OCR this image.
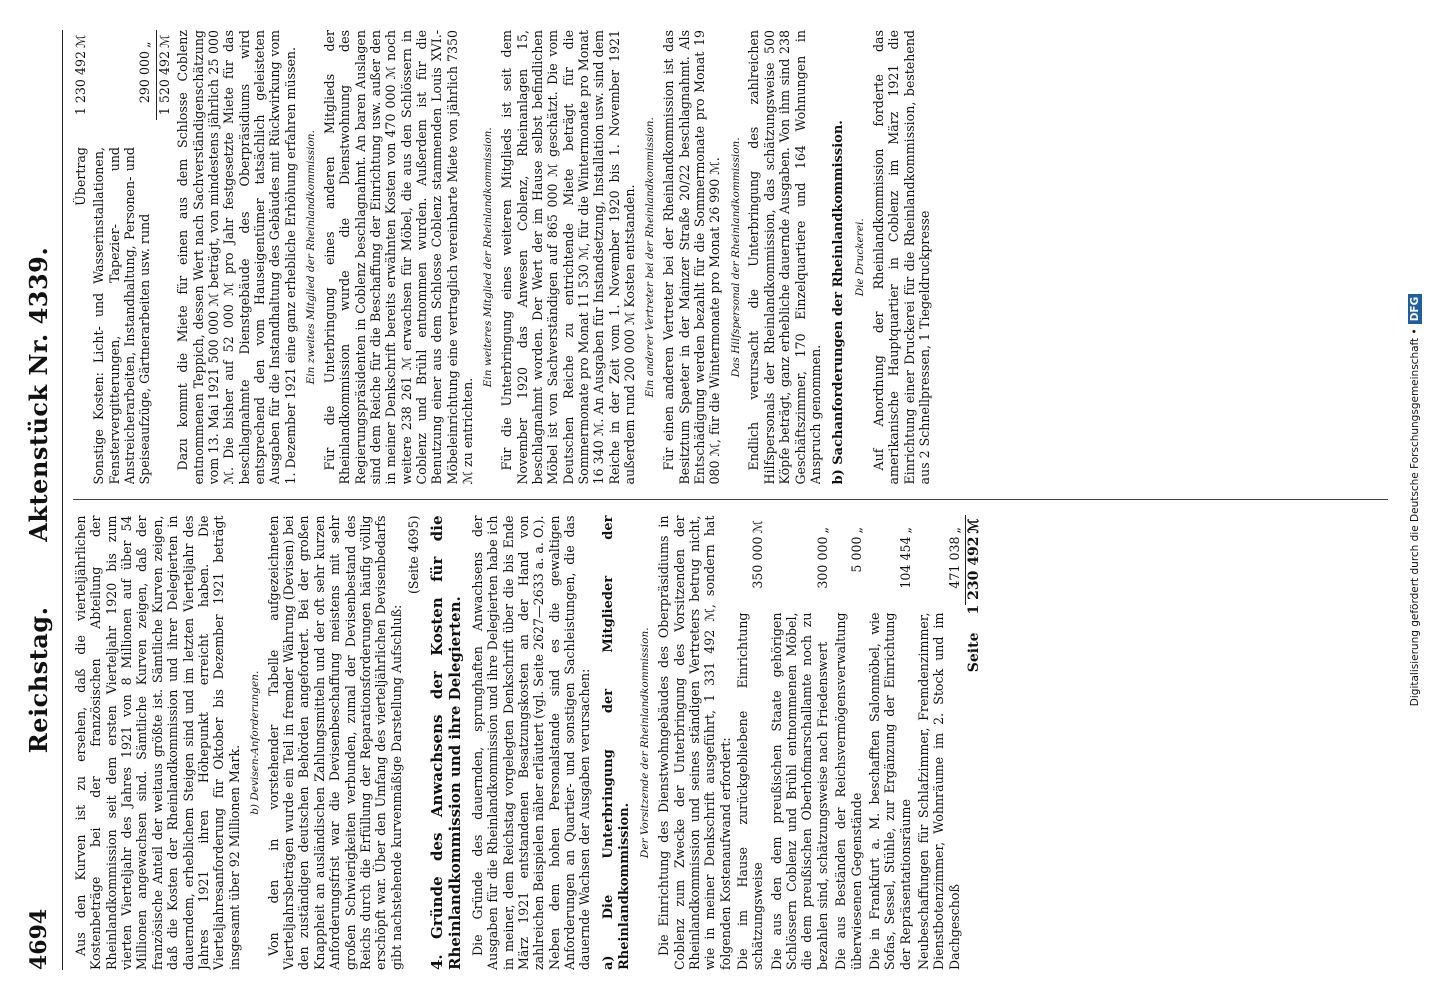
4694
Reichstag. Aktenstück Nr. 4339.

Aus den Kurven ist zu ersehen, daß die vierteljährlichen Kostenbeträge bei der französischen Abteilung der Rheinlandkommission seit dem ersten Vierteljahr 1920 bis zum vierten Vierteljahr des Jahres 1921 von 8 Millionen auf über 54 Millionen angewachsen sind. Sämtliche Kurven zeigen, daß der französische Anteil der weitaus größte ist. Sämtliche Kurven zeigen, daß die Kosten der Rheinlandkommission und ihrer Delegierten in dauerndem, erheblichem Steigen sind und im letzten Vierteljahr des Jahres 1921 ihren Höhepunkt erreicht haben. Die Vierteljahresanforderung für Oktober bis Dezember 1921 beträgt insgesamt über 92 Millionen Mark.

b) Devisen-Anforderungen. Von den in vorstehender Tabelle aufgezeichneten Vierteljahrsbeträgen wurde ein Teil in fremder Währung (Devisen) bei den zuständigen deutschen Behörden angefordert. Bei der großen Knappheit an ausländischen Zahlungsmitteln und der oft sehr kurzen Anforderungsfrist war die Devisenbeschaffung meistens mit sehr großen Schwierigkeiten verbunden, zumal der Devisenbestand des Reichs durch die Erfüllung der Reparationsforderungen häufig völlig erschöpft war. Über den Umfang des vierteljährlichen Devisenbedarfs gibt nachstehende kurvenmäßige Darstellung Aufschluß:

(Seite 4695) 4. Gründe des Anwachsens der Kosten für die Rheinlandkommission und ihre Delegierten. Die Gründe des dauernden, sprunghaften Anwachsens der Ausgaben für die Rheinlandkommission und ihre Delegierten habe ich in meiner, dem Reichstag vorgelegten Denkschrift über die bis Ende März 1921 entstandenen Besatzungskosten an der Hand von zahlreichen Beispielen näher erläutert (vgl. Seite 2627—2633 a. a. O.). Neben dem hohen Personalstande sind es die gewaltigen Anforderungen an Quartier- und sonstigen Sachleistungen, die das dauernde Wachsen der Ausgaben verursachen: a) Die Unterbringung der Mitglieder der Rheinlandkommission.

Der Vorsitzende der Rheinlandkommission. Die Einrichtung des Dienstwohngebäudes des Oberpräsidiums in Coblenz zum Zwecke der Unterbringung des Vorsitzenden der Rheinlandkommission und seines ständigen Vertreters betrug nicht, wie in meiner Denkschrift ausgeführt, 1 331 492 ℳ, sondern hat folgenden Kostenaufwand erfordert: Die im Hause zurückgebliebene Einrichtung schätzungsweise
350 000
ℳ
Die aus den dem preußischen Staate gehörigen Schlössern Coblenz und Brühl entnommenen Möbel, die dem preußischen Oberhofmarschallamte noch zu bezahlen sind, schätzungsweise nach Friedenswert
300 000
„
Die aus Beständen der Reichsvermögensverwaltung überwiesenen Gegenstände
5 000
„
Die in Frankfurt a. M. beschafften Salonmöbel, wie Sofas, Sessel, Stühle, zur Ergänzung der Einrichtung der Repräsentationsräume
104 454
„
Neubeschaffungen für Schlafzimmer, Fremdenzimmer, Dienstbotenzimmer, Wohnräume im 2. Stock und im Dachgeschoß
471 038
„
Seite
1 230 492
ℳ
Übertrag
1 230 492
ℳ
Sonstige Kosten: Licht- und Wasserinstallationen, Fenstervergitterungen, Tapezier- und Anstreicherarbeiten, Instandhaltung, Personen- und Speiseaufzüge, Gärtnerarbeiten usw. rund
290 000
„
1 520 492
ℳ Dazu kommt die Miete für einen aus dem Schlosse Coblenz entnommenen Teppich, dessen Wert nach Sachverständigenschätzung vom 13. Mai 1921 500 000 ℳ beträgt, von mindestens jährlich 25 000 ℳ. Die bisher auf 52 000 ℳ pro Jahr festgesetzte Miete für das beschlagnahmte Dienstgebäude des Oberpräsidiums wird entsprechend den vom Hauseigentümer tatsächlich geleisteten Ausgaben für die Instandhaltung des Gebäudes mit Rückwirkung vom 1. Dezember 1921 eine ganz erhebliche Erhöhung erfahren müssen. Ein zweites Mitglied der Rheinlandkommission. Für die Unterbringung eines anderen Mitglieds der Rheinlandkommission wurde die Dienstwohnung des Regierungspräsidenten in Coblenz beschlagnahmt. An baren Auslagen sind dem Reiche für die Beschaffung der Einrichtung usw. außer den in meiner Denkschrift bereits erwähnten Kosten von 470 000 ℳ noch weitere 238 261 ℳ erwachsen für Möbel, die aus den Schlössern in Coblenz und Brühl entnommen wurden. Außerdem ist für die Benutzung einer aus dem Schlosse Coblenz stammenden Louis XVI.-Möbeleinrichtung eine vertraglich vereinbarte Miete von jährlich 7350 ℳ zu entrichten.

Ein weiteres Mitglied der Rheinlandkommission. Für die Unterbringung eines weiteren Mitglieds ist seit dem November 1920 das Anwesen Coblenz, Rheinanlagen 15, beschlagnahmt worden. Der Wert der im Hause selbst befindlichen Möbel ist von Sachverständigen auf 865 000 ℳ geschätzt. Die vom Deutschen Reiche zu entrichtende Miete beträgt für die Sommermonate pro Monat 11 530 ℳ, für die Wintermonate pro Monat 16 340 ℳ. An Ausgaben für Instandsetzung, Installation usw. sind dem Reiche in der Zeit vom 1. November 1920 bis 1. November 1921 außerdem rund 200 000 ℳ Kosten entstanden. Ein anderer Vertreter bei der Rheinlandkommission. Für einen anderen Vertreter bei der Rheinlandkommission ist das Besitztum Spaeter in der Mainzer Straße 20/22 beschlagnahmt. Als Entschädigung werden bezahlt für die Sommermonate pro Monat 19 080 ℳ, für die Wintermonate pro Monat 26 990 ℳ. Das Hilfspersonal der Rheinlandkommission. Endlich verursacht die Unterbringung des zahlreichen Hilfspersonals der Rheinlandkommission, das schätzungsweise 500 Köpfe beträgt, ganz erhebliche dauernde Ausgaben. Von ihm sind 238 Geschäftszimmer, 170 Einzelquartiere und 164 Wohnungen in Anspruch genommen. b) Sachanforderungen der Rheinlandkommission. Die Druckerei. Auf Anordnung der Rheinlandkommission forderte das amerikanische Hauptquartier in Coblenz im März 1921 die Einrichtung einer Druckerei für die Rheinlandkommission, bestehend aus 2 Schnellpressen, 1 Tiegeldruckpresse	Digitalisierung gefördert durch die Deutsche Forschungsgemeinschaft •DFG
